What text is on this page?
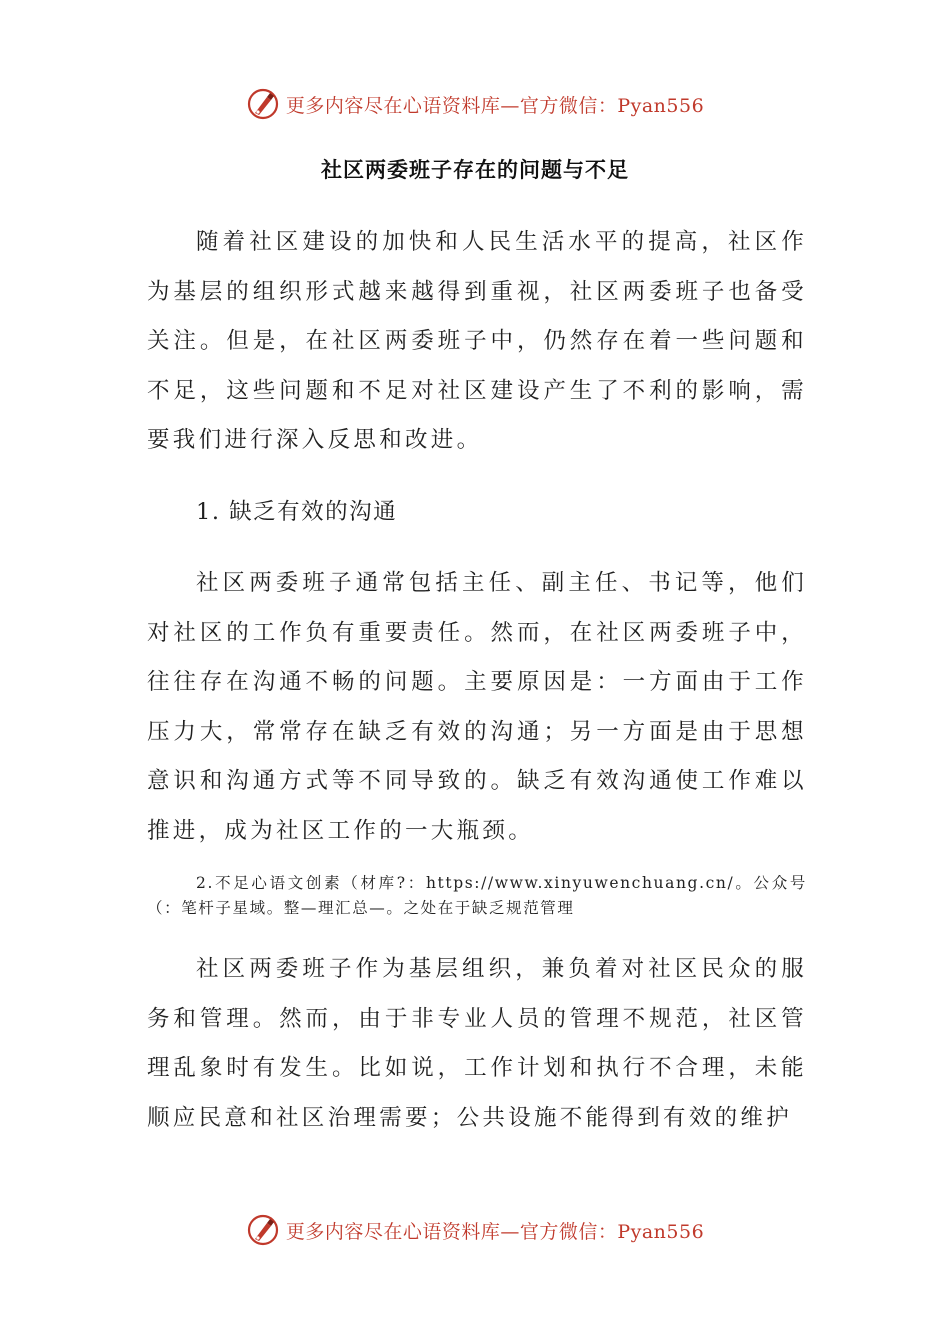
更多内容尽在心语资料库—官方微信：Pyan556
社区两委班子存在的问题与不足

随着社区建设的加快和人民生活水平的提高，社区作为基层的组织形式越来越得到重视，社区两委班子也备受关注。但是，在社区两委班子中，仍然存在着一些问题和不足，这些问题和不足对社区建设产生了不利的影响，需要我们进行深入反思和改进。

1. 缺乏有效的沟通

社区两委班子通常包括主任、副主任、书记等，他们对社区的工作负有重要责任。然而，在社区两委班子中，往往存在沟通不畅的问题。主要原因是：一方面由于工作压力大，常常存在缺乏有效的沟通；另一方面是由于思想意识和沟通方式等不同导致的。缺乏有效沟通使工作难以推进，成为社区工作的一大瓶颈。

2.不足心语文创素（材库?：https://www.xinyuwenchuang.cn/。公众号（：笔杆子星域。整—理汇总—。之处在于缺乏规范管理

社区两委班子作为基层组织，兼负着对社区民众的服务和管理。然而，由于非专业人员的管理不规范，社区管理乱象时有发生。比如说，工作计划和执行不合理，未能顺应民意和社区治理需要；公共设施不能得到有效的维护

更多内容尽在心语资料库—官方微信：Pyan556
